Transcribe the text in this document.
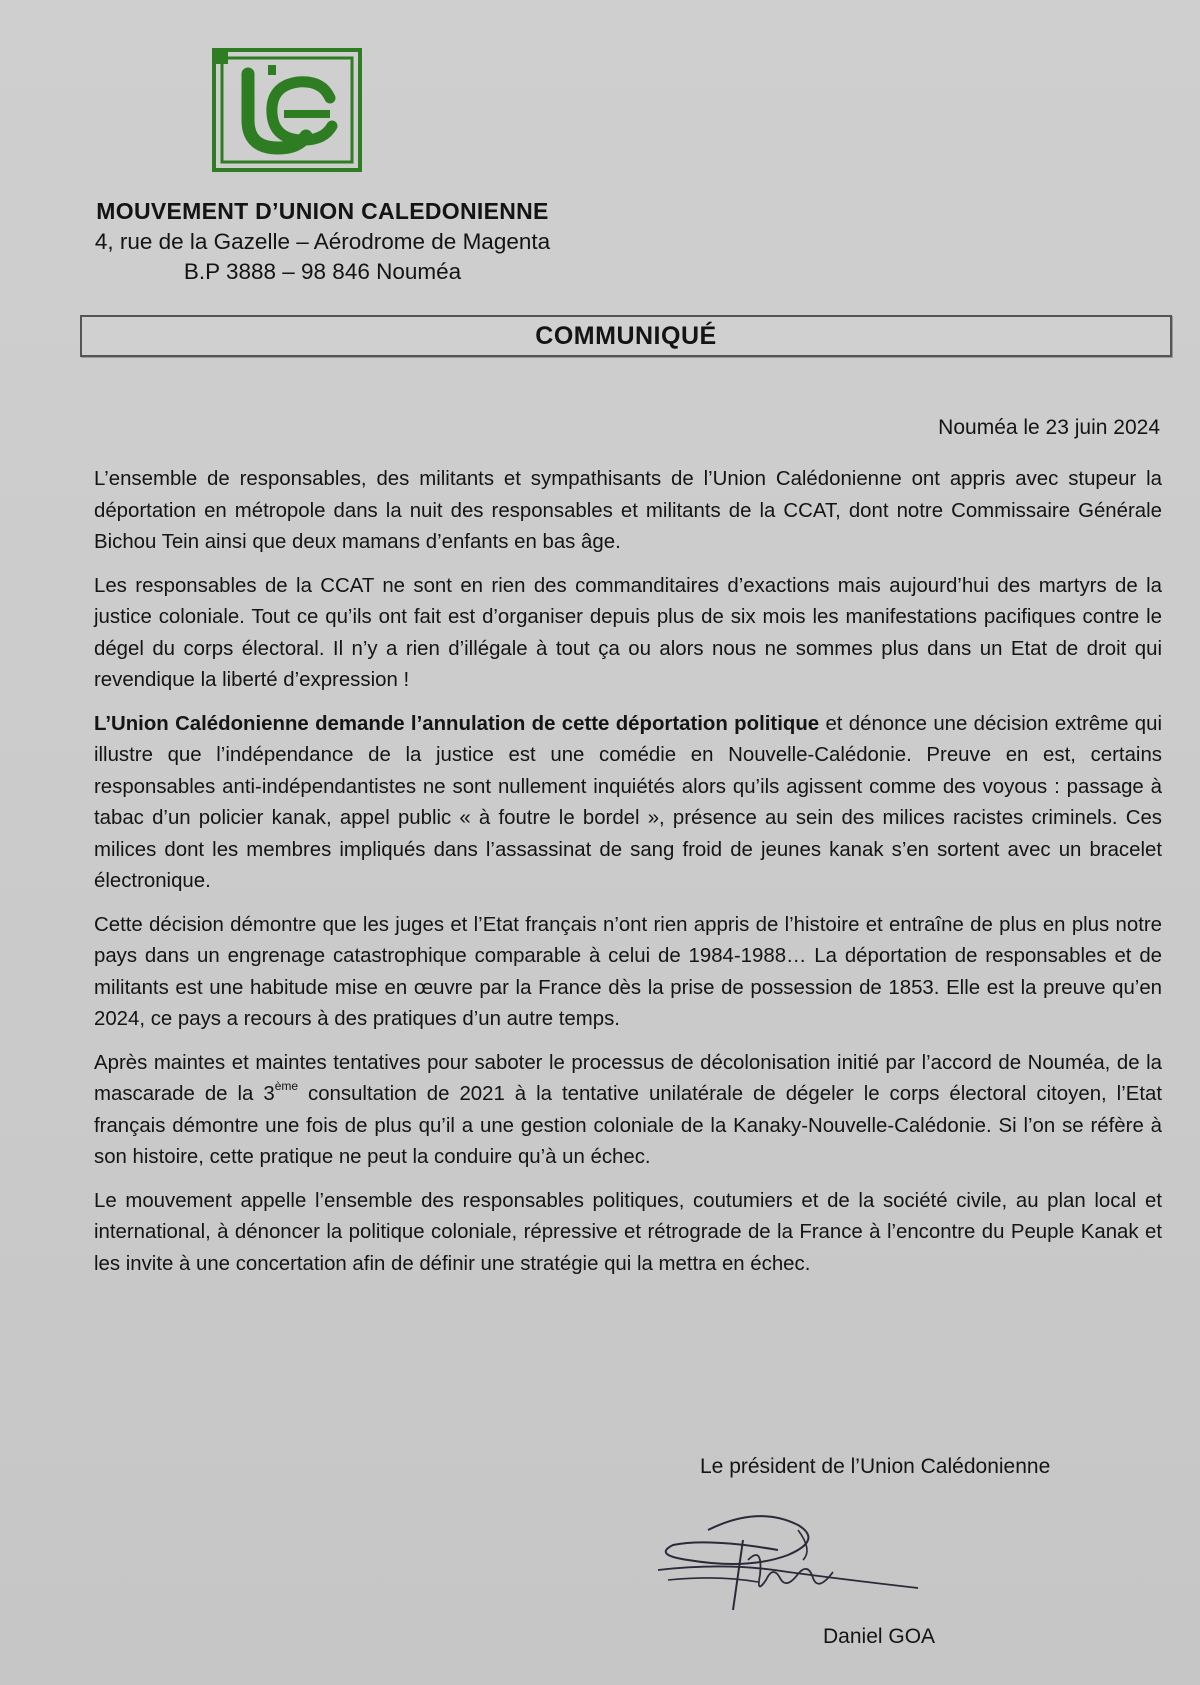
MOUVEMENT D’UNION CALEDONIENNE
4, rue de la Gazelle – Aérodrome de Magenta
B.P 3888 – 98 846 Nouméa
COMMUNIQUÉ
Nouméa le 23 juin 2024

L’ensemble de responsables, des militants et sympathisants de l’Union Calédonienne ont appris avec stupeur la déportation en métropole dans la nuit des responsables et militants de la CCAT, dont notre Commissaire Générale Bichou Tein ainsi que deux mamans d’enfants en bas âge.

Les responsables de la CCAT ne sont en rien des commanditaires d’exactions mais aujourd’hui des martyrs de la justice coloniale. Tout ce qu’ils ont fait est d’organiser depuis plus de six mois les manifestations pacifiques contre le dégel du corps électoral. Il n’y a rien d’illégale à tout ça ou alors nous ne sommes plus dans un Etat de droit qui revendique la liberté d’expression !

L’Union Calédonienne demande l’annulation de cette déportation politique et dénonce une décision extrême qui illustre que l’indépendance de la justice est une comédie en Nouvelle-Calédonie. Preuve en est, certains responsables anti-indépendantistes ne sont nullement inquiétés alors qu’ils agissent comme des voyous : passage à tabac d’un policier kanak, appel public « à foutre le bordel », présence au sein des milices racistes criminels. Ces milices dont les membres impliqués dans l’assassinat de sang froid de jeunes kanak s’en sortent avec un bracelet électronique.

Cette décision démontre que les juges et l’Etat français n’ont rien appris de l’histoire et entraîne de plus en plus notre pays dans un engrenage catastrophique comparable à celui de 1984-1988… La déportation de responsables et de militants est une habitude mise en œuvre par la France dès la prise de possession de 1853. Elle est la preuve qu’en 2024, ce pays a recours à des pratiques d’un autre temps.

Après maintes et maintes tentatives pour saboter le processus de décolonisation initié par l’accord de Nouméa, de la mascarade de la 3ème consultation de 2021 à la tentative unilatérale de dégeler le corps électoral citoyen, l’Etat français démontre une fois de plus qu’il a une gestion coloniale de la Kanaky-Nouvelle-Calédonie. Si l’on se réfère à son histoire, cette pratique ne peut la conduire qu’à un échec.

Le mouvement appelle l’ensemble des responsables politiques, coutumiers et de la société civile, au plan local et international, à dénoncer la politique coloniale, répressive et rétrograde de la France à l’encontre du Peuple Kanak et les invite à une concertation afin de définir une stratégie qui la mettra en échec.

Le président de l’Union Calédonienne
Daniel GOA
